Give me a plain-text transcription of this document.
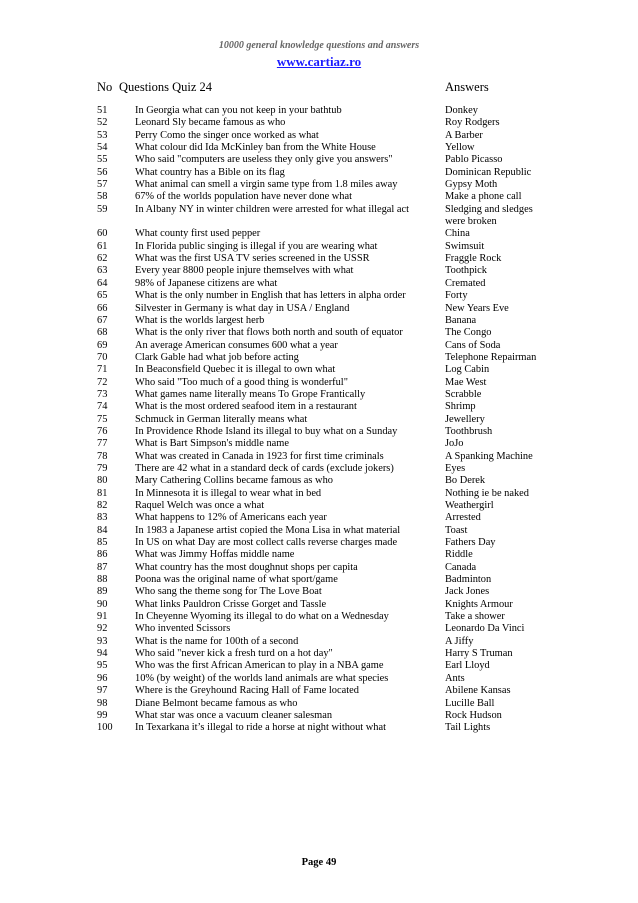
10000 general knowledge questions and answers
www.cartiaz.ro
No Questions Quiz 24	Answers
51	In Georgia what can you not keep in your bathtub	Donkey
52	Leonard Sly became famous as who	Roy Rodgers
53	Perry Como the singer once worked as what	A Barber
54	What colour did Ida McKinley ban from the White House	Yellow
55	Who said "computers are useless they only give you answers"	Pablo Picasso
56	What country has a Bible on its flag	Dominican Republic
57	What animal can smell a virgin same type from 1.8 miles away	Gypsy Moth
58	67% of the worlds population have never done what	Make a phone call
59	In Albany NY in winter children were arrested for what illegal act	Sledging and sledges were broken
60	What county first used pepper	China
61	In Florida public singing is illegal if you are wearing what	Swimsuit
62	What was the first USA TV series screened in the USSR	Fraggle Rock
63	Every year 8800 people injure themselves with what	Toothpick
64	98% of Japanese citizens are what	Cremated
65	What is the only number in English that has letters in alpha order	Forty
66	Silvester in Germany is what day in USA / England	New Years Eve
67	What is the worlds largest herb	Banana
68	What is the only river that flows both north and south of equator	The Congo
69	An average American consumes 600 what a year	Cans of Soda
70	Clark Gable had what job before acting	Telephone Repairman
71	In Beaconsfield Quebec it is illegal to own what	Log Cabin
72	Who said "Too much of a good thing is wonderful"	Mae West
73	What games name literally means To Grope Frantically	Scrabble
74	What is the most ordered seafood item in a restaurant	Shrimp
75	Schmuck in German literally means what	Jewellery
76	In Providence Rhode Island its illegal to buy what on a Sunday	Toothbrush
77	What is Bart Simpson's middle name	JoJo
78	What was created in Canada in 1923 for first time criminals	A Spanking Machine
79	There are 42 what in a standard deck of cards (exclude jokers)	Eyes
80	Mary Cathering Collins became famous as who	Bo Derek
81	In Minnesota it is illegal to wear what in bed	Nothing ie be naked
82	Raquel Welch was once a what	Weathergirl
83	What happens to 12% of Americans each year	Arrested
84	In 1983 a Japanese artist copied the Mona Lisa in what material	Toast
85	In US on what Day are most collect calls reverse charges made	Fathers Day
86	What was Jimmy Hoffas middle name	Riddle
87	What country has the most doughnut shops per capita	Canada
88	Poona was the original name of what sport/game	Badminton
89	Who sang the theme song for The Love Boat	Jack Jones
90	What links Pauldron Crisse Gorget and Tassle	Knights Armour
91	In Cheyenne Wyoming its illegal to do what on a Wednesday	Take a shower
92	Who invented Scissors	Leonardo Da Vinci
93	What is the name for 100th of a second	A Jiffy
94	Who said "never kick a fresh turd on a hot day"	Harry S Truman
95	Who was the first African American to play in a NBA game	Earl Lloyd
96	10% (by weight) of the worlds land animals are what species	Ants
97	Where is the Greyhound Racing Hall of Fame located	Abilene Kansas
98	Diane Belmont became famous as who	Lucille Ball
99	What star was once a vacuum cleaner salesman	Rock Hudson
100 In Texarkana it’s illegal to ride a horse at night without what	Tail Lights
Page 49
